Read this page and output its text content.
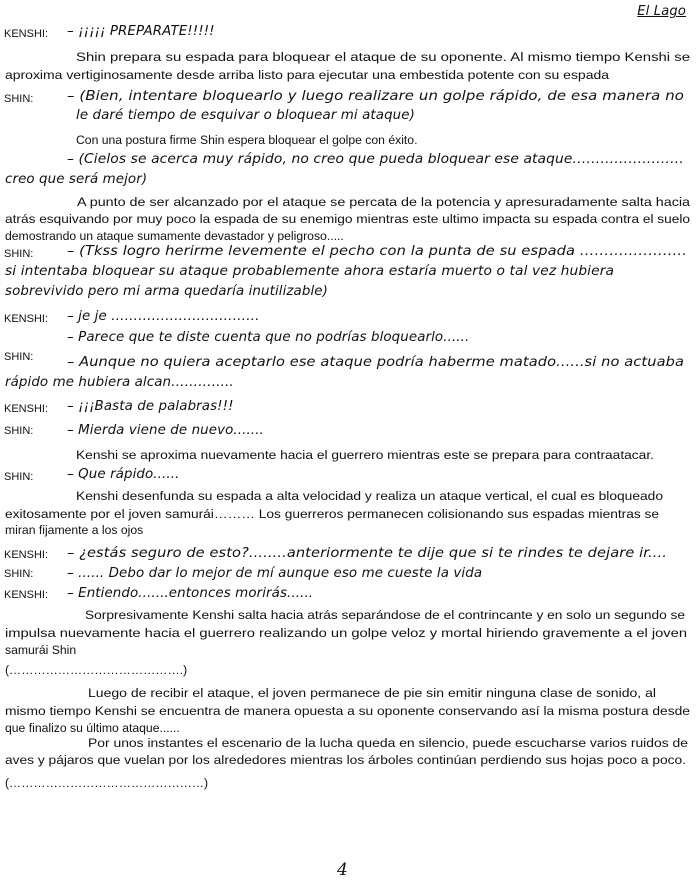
El Lago
KENSHI: – ¡¡¡¡¡ PREPARATE!!!!!
Shin prepara su espada para bloquear el ataque de su oponente. Al mismo tiempo Kenshi se
aproxima vertiginosamente desde arriba listo para ejecutar una embestida potente con su espada
SHIN:	– (Bien, intentare bloquearlo y luego realizare un golpe rápido, de esa manera no
le daré tiempo de esquivar o bloquear mi ataque)
Con una postura firme Shin espera bloquear el golpe con éxito.
– (Cielos se acerca muy rápido, no creo que pueda bloquear ese ataque……………………
creo que será mejor)
A punto de ser alcanzado por el ataque se percata de la potencia y apresuradamente salta hacia
atrás esquivando por muy poco la espada de su enemigo mientras este ultimo impacta su espada contra el suelo
demostrando un ataque sumamente devastador y peligroso.....
SHIN:	– (Tkss logro herirme levemente el pecho con la punta de su espada ………..………..
si intentaba bloquear su ataque probablemente ahora estaría muerto o tal vez hubiera
sobrevivido pero mi arma quedaría inutilizable)
KENSHI: – je je ……………………………
– Parece que te diste cuenta que no podrías bloquearlo......
SHIN:	– Aunque no quiera aceptarlo ese ataque podría haberme matado......si no actuaba
rápido me hubiera alcan…………..
KENSHI: – ¡¡¡Basta de palabras!!!
SHIN:	– Mierda viene de nuevo.......
Kenshi se aproxima nuevamente hacia el guerrero mientras este se prepara para contraatacar.
SHIN:	– Que rápido......
Kenshi desenfunda su espada a alta velocidad y realiza un ataque vertical, el cual es bloqueado
exitosamente por el joven samurái……… Los guerreros permanecen colisionando sus espadas mientras se
miran fijamente a los ojos
KENSHI: – ¿estás seguro de esto?........anteriormente te dije que si te rindes te dejare ir....
SHIN:	– ...... Debo dar lo mejor de mí aunque eso me cueste la vida
KENSHI: – Entiendo.......entonces morirás......
Sorpresivamente Kenshi salta hacia atrás separándose de el contrincante y en solo un segundo se
impulsa nuevamente hacia el guerrero realizando un golpe veloz y mortal hiriendo gravemente a el joven
samurái Shin
(…………………………………….)
Luego de recibir el ataque, el joven permanece de pie sin emitir ninguna clase de sonido, al
mismo tiempo Kenshi se encuentra de manera opuesta a su oponente conservando así la misma postura desde
que finalizo su último ataque......
Por unos instantes el escenario de la lucha queda en silencio, puede escucharse varios ruidos de
aves y pájaros que vuelan por los alrededores mientras los árboles continúan perdiendo sus hojas poco a poco.
(…………………………………………)
4
